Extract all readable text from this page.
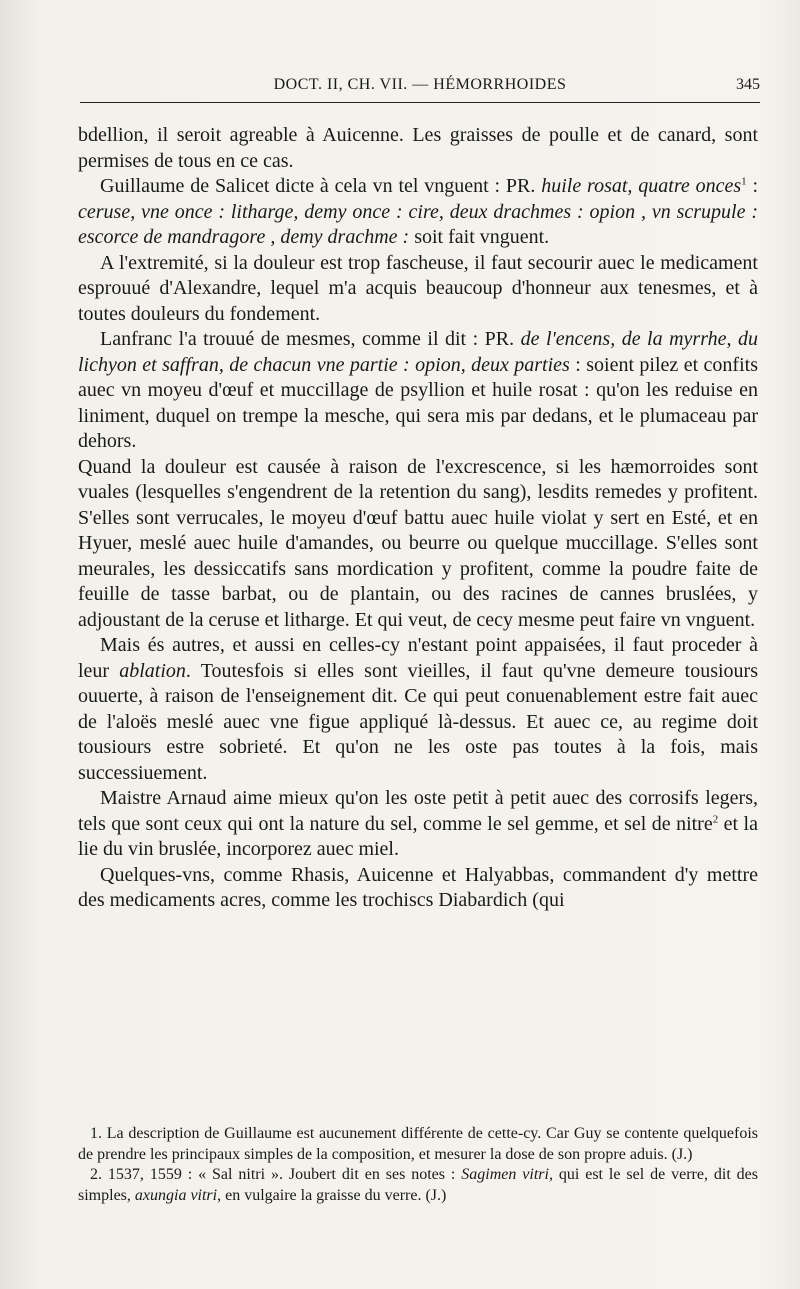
DOCT. II, CH. VII. — HÉMORRHOIDES	345

bdellion, il seroit agreable à Auicenne. Les graisses de poulle et de canard, sont permises de tous en ce cas.

Guillaume de Salicet dicte à cela vn tel vnguent : PR. huile rosat, quatre onces$^1$ : ceruse, vne once : litharge, demy once : cire, deux drachmes : opion , vn scrupule : escorce de mandragore , demy drachme : soit fait vnguent.

A l'extremité, si la douleur est trop fascheuse, il faut secourir auec le medicament esprouué d'Alexandre, lequel m'a acquis beaucoup d'honneur aux tenesmes, et à toutes douleurs du fondement.

Lanfranc l'a trouué de mesmes, comme il dit : PR. de l'encens, de la myrrhe, du lichyon et saffran, de chacun vne partie : opion, deux parties : soient pilez et confits auec vn moyeu d'œuf et muccillage de psyllion et huile rosat : qu'on les reduise en liniment, duquel on trempe la mesche, qui sera mis par dedans, et le plumaceau par dehors.

Quand la douleur est causée à raison de l'excrescence, si les hæmorroides sont vuales (lesquelles s'engendrent de la retention du sang), lesdits remedes y profitent. S'elles sont verrucales, le moyeu d'œuf battu auec huile violat y sert en Esté, et en Hyuer, meslé auec huile d'amandes, ou beurre ou quelque muccillage. S'elles sont meurales, les dessiccatifs sans mordication y profitent, comme la poudre faite de feuille de tasse barbat, ou de plantain, ou des racines de cannes bruslées, y adjoustant de la ceruse et litharge. Et qui veut, de cecy mesme peut faire vn vnguent.

Mais és autres, et aussi en celles-cy n'estant point appaisées, il faut proceder à leur ablation. Toutesfois si elles sont vieilles, il faut qu'vne demeure tousiours ouuerte, à raison de l'enseignement dit. Ce qui peut conuenablement estre fait auec de l'aloës meslé auec vne figue appliqué là-dessus. Et auec ce, au regime doit tousiours estre sobrieté. Et qu'on ne les oste pas toutes à la fois, mais successiuement.

Maistre Arnaud aime mieux qu'on les oste petit à petit auec des corrosifs legers, tels que sont ceux qui ont la nature du sel, comme le sel gemme, et sel de nitre$^2$ et la lie du vin bruslée, incorporez auec miel.

Quelques-vns, comme Rhasis, Auicenne et Halyabbas, commandent d'y mettre des medicaments acres, comme les trochiscs Diabardich (qui

1. La description de Guillaume est aucunement différente de cette-cy. Car Guy se contente quelquefois de prendre les principaux simples de la composition, et mesurer la dose de son propre aduis. (J.)

2. 1537, 1559 : « Sal nitri ». Joubert dit en ses notes : Sagimen vitri, qui est le sel de verre, dit des simples, axungia vitri, en vulgaire la graisse du verre. (J.)
